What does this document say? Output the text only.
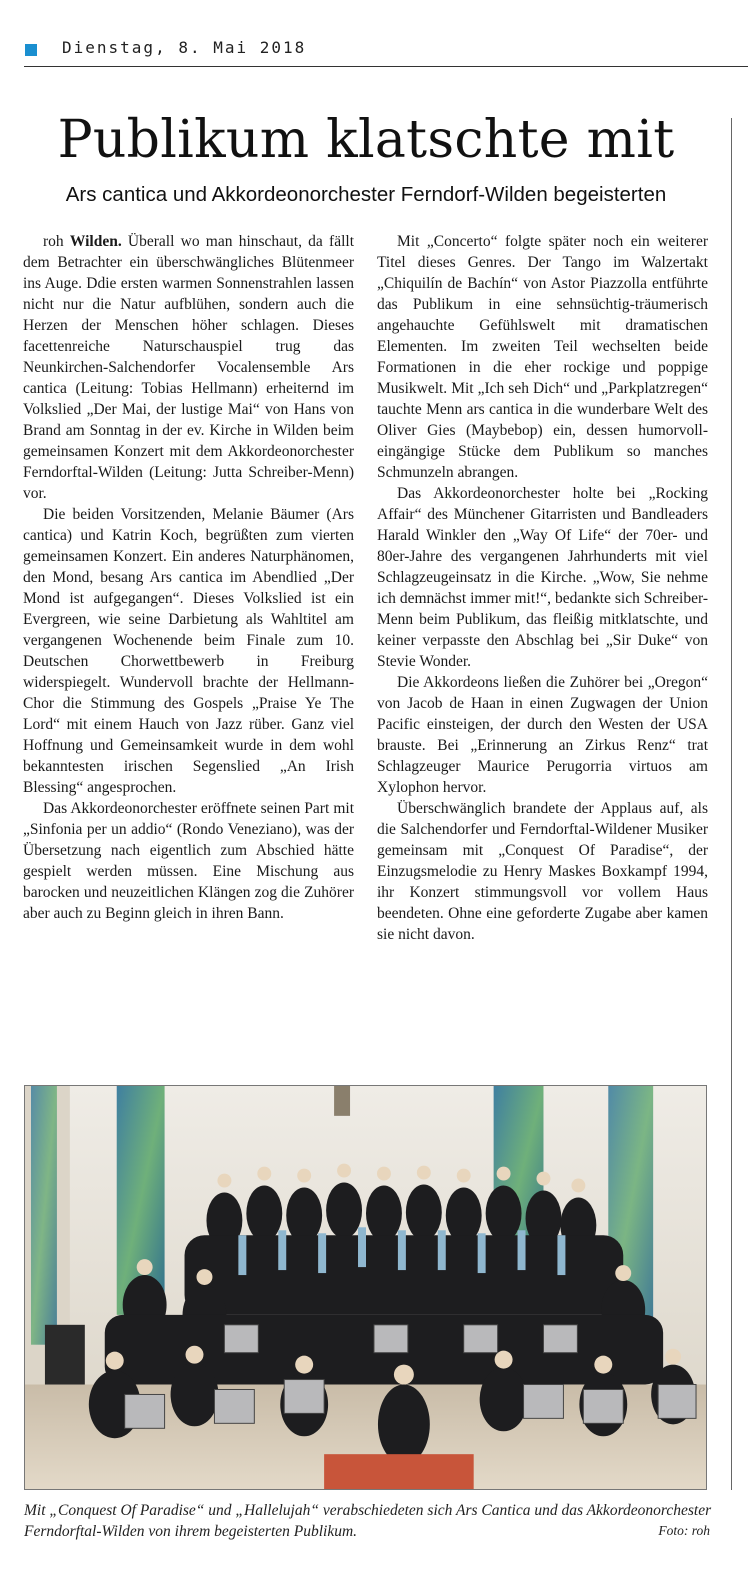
Dienstag, 8. Mai 2018
Publikum klatschte mit
Ars cantica und Akkordeonorchester Ferndorf-Wilden begeisterten

roh Wilden. Überall wo man hinschaut, da fällt dem Betrachter ein überschwängliches Blütenmeer ins Auge. Ddie ersten warmen Sonnenstrahlen lassen nicht nur die Natur aufblühen, sondern auch die Herzen der Menschen höher schlagen. Dieses facettenreiche Naturschauspiel trug das Neunkirchen-Salchendorfer Vocalensemble Ars cantica (Leitung: Tobias Hellmann) erheiternd im Volkslied „Der Mai, der lustige Mai“ von Hans von Brand am Sonntag in der ev. Kirche in Wilden beim gemeinsamen Konzert mit dem Akkordeonorchester Ferndorftal-Wilden (Leitung: Jutta Schreiber-Menn) vor.

Die beiden Vorsitzenden, Melanie Bäumer (Ars cantica) und Katrin Koch, begrüßten zum vierten gemeinsamen Konzert. Ein anderes Naturphänomen, den Mond, besang Ars cantica im Abendlied „Der Mond ist aufgegangen“. Dieses Volkslied ist ein Evergreen, wie seine Darbietung als Wahltitel am vergangenen Wochenende beim Finale zum 10. Deutschen Chorwettbewerb in Freiburg widerspiegelt. Wundervoll brachte der Hellmann-Chor die Stimmung des Gospels „Praise Ye The Lord“ mit einem Hauch von Jazz rüber. Ganz viel Hoffnung und Gemeinsamkeit wurde in dem wohl bekanntesten irischen Segenslied „An Irish Blessing“ angesprochen.

Das Akkordeonorchester eröffnete seinen Part mit „Sinfonia per un addio“ (Rondo Veneziano), was der Übersetzung nach eigentlich zum Abschied hätte gespielt werden müssen. Eine Mischung aus barocken und neuzeitlichen Klängen zog die Zuhörer aber auch zu Beginn gleich in ihren Bann.

Mit „Concerto“ folgte später noch ein weiterer Titel dieses Genres. Der Tango im Walzertakt „Chiquilín de Bachín“ von Astor Piazzolla entführte das Publikum in eine sehnsüchtig-träumerisch angehauchte Gefühlswelt mit dramatischen Elementen. Im zweiten Teil wechselten beide Formationen in die eher rockige und poppige Musikwelt. Mit „Ich seh Dich“ und „Parkplatzregen“ tauchte Menn ars cantica in die wunderbare Welt des Oliver Gies (Maybebop) ein, dessen humorvoll-eingängige Stücke dem Publikum so manches Schmunzeln abrangen.

Das Akkordeonorchester holte bei „Rocking Affair“ des Münchener Gitarristen und Bandleaders Harald Winkler den „Way Of Life“ der 70er- und 80er-Jahre des vergangenen Jahrhunderts mit viel Schlagzeugeinsatz in die Kirche. „Wow, Sie nehme ich demnächst immer mit!“, bedankte sich Schreiber-Menn beim Publikum, das fleißig mitklatschte, und keiner verpasste den Abschlag bei „Sir Duke“ von Stevie Wonder.

Die Akkordeons ließen die Zuhörer bei „Oregon“ von Jacob de Haan in einen Zugwagen der Union Pacific einsteigen, der durch den Westen der USA brauste. Bei „Erinnerung an Zirkus Renz“ trat Schlagzeuger Maurice Perugorria virtuos am Xylophon hervor.

Überschwänglich brandete der Applaus auf, als die Salchendorfer und Ferndorftal-Wildener Musiker gemeinsam mit „Conquest Of Paradise“, der Einzugsmelodie zu Henry Maskes Boxkampf 1994, ihr Konzert stimmungsvoll vor vollem Haus beendeten. Ohne eine geforderte Zugabe aber kamen sie nicht davon.

Mit „Conquest Of Paradise“ und „Hallelujah“ verabschiedeten sich Ars Cantica und das Akkordeonorchester Ferndorftal-Wilden von ihrem begeisterten Publikum.	Foto: roh
